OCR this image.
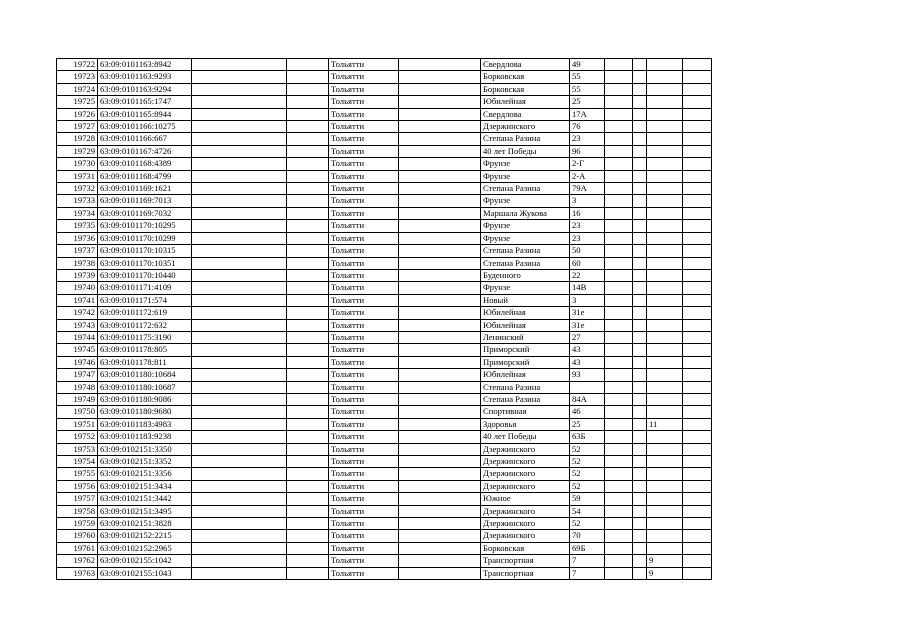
19722	63:09:0101163:8942			Тольятти		Свердлова	49				
19723	63:09:0101163:9293			Тольятти		Борковская	55				
19724	63:09:0101163:9294			Тольятти		Борковская	55				
19725	63:09:0101165:1747			Тольятти		Юбилейная	25				
19726	63:09:0101165:8944			Тольятти		Свердлова	17А				
19727	63:09:0101166:10275			Тольятти		Дзержинского	76				
19728	63:09:0101166:667			Тольятти		Степана Разина	23				
19729	63:09:0101167:4726			Тольятти		40 лет Победы	96				
19730	63:09:0101168:4389			Тольятти		Фрунзе	2-Г				
19731	63:09:0101168:4799			Тольятти		Фрунзе	2-А				
19732	63:09:0101169:1621			Тольятти		Степана Разина	79А				
19733	63:09:0101169:7013			Тольятти		Фрунзе	3				
19734	63:09:0101169:7032			Тольятти		Маршала Жукова	16				
19735	63:09:0101170:10295			Тольятти		Фрунзе	23				
19736	63:09:0101170:10299			Тольятти		Фрунзе	23				
19737	63:09:0101170:10315			Тольятти		Степана Разина	50				
19738	63:09:0101170:10351			Тольятти		Степана Разина	60				
19739	63:09:0101170:10440			Тольятти		Буденного	22				
19740	63:09:0101171:4109			Тольятти		Фрунзе	14В				
19741	63:09:0101171:574			Тольятти		Новый	3				
19742	63:09:0101172:619			Тольятти		Юбилейная	31е				
19743	63:09:0101172:632			Тольятти		Юбилейная	31е				
19744	63:09:0101175:3190			Тольятти		Ленинский	27				
19745	63:09:0101178:805			Тольятти		Приморский	43				
19746	63:09:0101178:811			Тольятти		Приморский	43				
19747	63:09:0101180:10684			Тольятти		Юбилейная	93				
19748	63:09:0101180:10687			Тольятти		Степана Разина					
19749	63:09:0101180:9086			Тольятти		Степана Разина	84А				
19750	63:09:0101180:9680			Тольятти		Спортивная	46				
19751	63:09:0101183:4983			Тольятти		Здоровья	25			11	
19752	63:09:0101183:9238			Тольятти		40 лет Победы	63Б				
19753	63:09:0102151:3350			Тольятти		Дзержинского	52				
19754	63:09:0102151:3352			Тольятти		Дзержинского	52				
19755	63:09:0102151:3356			Тольятти		Дзержинского	52				
19756	63:09:0102151:3434			Тольятти		Дзержинского	52				
19757	63:09:0102151:3442			Тольятти		Южное	59				
19758	63:09:0102151:3495			Тольятти		Дзержинского	54				
19759	63:09:0102151:3828			Тольятти		Дзержинского	52				
19760	63:09:0102152:2215			Тольятти		Дзержинского	70				
19761	63:09:0102152:2965			Тольятти		Борковская	69Б				
19762	63:09:0102155:1042			Тольятти		Транспортная	7			9	
19763	63:09:0102155:1043			Тольятти		Транспортная	7			9	
